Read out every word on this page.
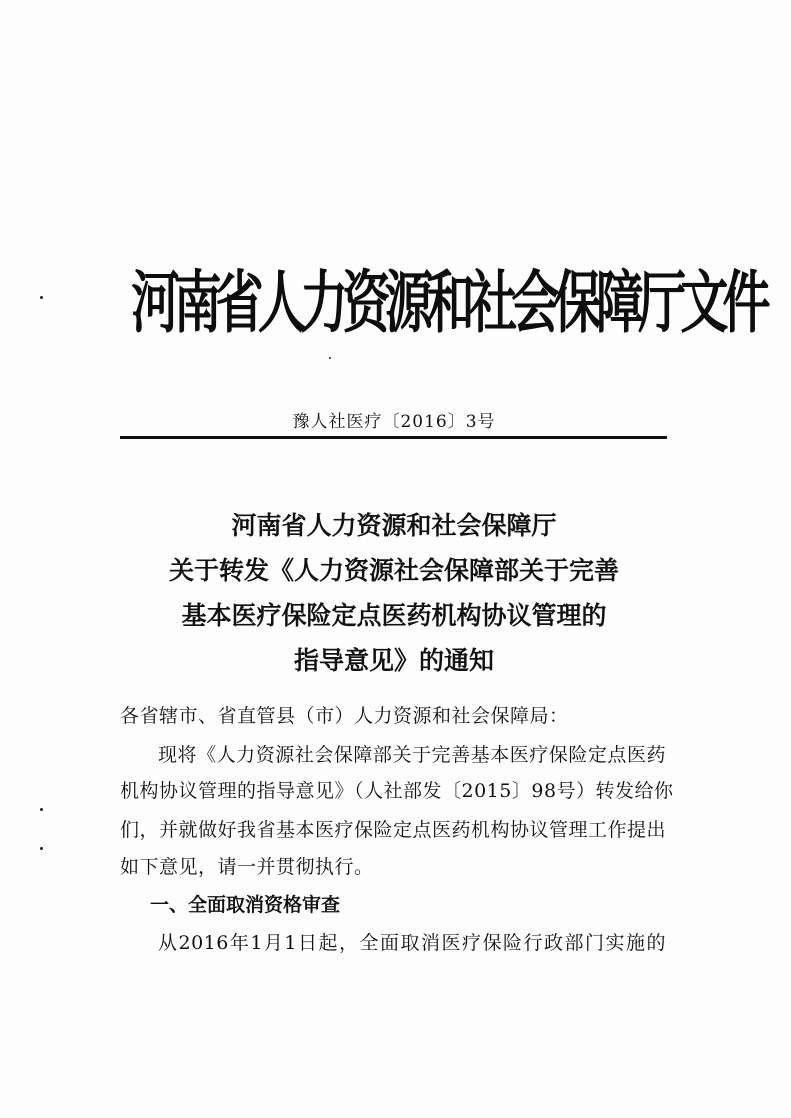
河南省人力资源和社会保障厅文件
豫人社医疗〔2016〕3号
河南省人力资源和社会保障厅
关于转发《人力资源社会保障部关于完善
基本医疗保险定点医药机构协议管理的
指导意见》的通知
各省辖市、省直管县（市）人力资源和社会保障局：
现将《人力资源社会保障部关于完善基本医疗保险定点医药
机构协议管理的指导意见》（人社部发〔2015〕98号）转发给你
们，并就做好我省基本医疗保险定点医药机构协议管理工作提出
如下意见，请一并贯彻执行。
一、全面取消资格审查
从2016年1月1日起，全面取消医疗保险行政部门实施的
